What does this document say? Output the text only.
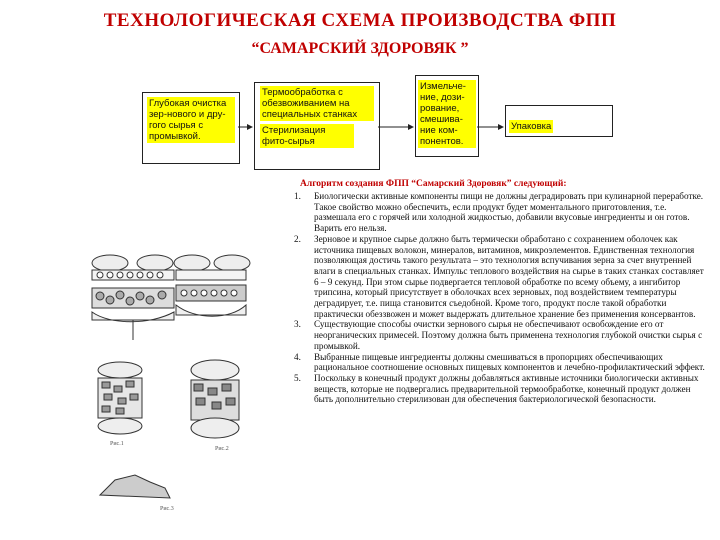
ТЕХНОЛОГИЧЕСКАЯ СХЕМА ПРОИЗВОДСТВА ФПП
“САМАРСКИЙ ЗДОРОВЯК ”
Глубокая очистка зер-нового и дру-гого сырья с промывкой.
Термообработка с обезвоживанием на специальных станках
Стерилизация фито-сырья
Измельче-ние, дози-рование, смешива-ние ком-понентов.
Упаковка
Рис.1
Рис.2
Рис.3
Алгоритм создания ФПП “Самарский Здоровяк” следующий:
1.	Биологически активные компоненты пищи не должны деградировать при кулинарной переработке. Такое свойство можно обеспечить, если продукт будет моментального приготовления, т.е. размешала его с горячей или холодной жидкостью, добавили вкусовые ингредиенты и он готов. Варить его нельзя.
2.	Зерновое и крупное сырье должно быть термически обработано с сохранением оболочек как источника пищевых волокон, минералов, витаминов, микроэлементов. Единственная технология позволяющая достичь такого результата – это технология вспучивания зерна за счет внутренней влаги в специальных станках. Импульс теплового воздействия на сырье в таких станках составляет 6 – 9 секунд. При этом сырье подвергается тепловой обработке по всему объему, а ингибитор трипсина, который присутствует в оболочках всех зерновых, под воздействием температуры деградирует, т.е. пища становится съедобной. Кроме того, продукт после такой обработки практически обеззвожен и может выдержать длительное хранение без применения консервантов.
3.	Существующие способы очистки зернового сырья не обеспечивают освобождение его от неорганических примесей. Поэтому должна быть применена технология глубокой очистки сырья с промывкой.
4.	Выбранные пищевые ингредиенты должны смешиваться в пропорциях обеспечивающих рациональное соотношение основных пищевых компонентов и лечебно-профилактический эффект.
5.	Поскольку в конечный продукт должны добавляться активные источники биологически активных веществ, которые не подвергались предварительной термообработке, конечный продукт должен быть дополнительно стерилизован для обеспечения бактериологической безопасности.
